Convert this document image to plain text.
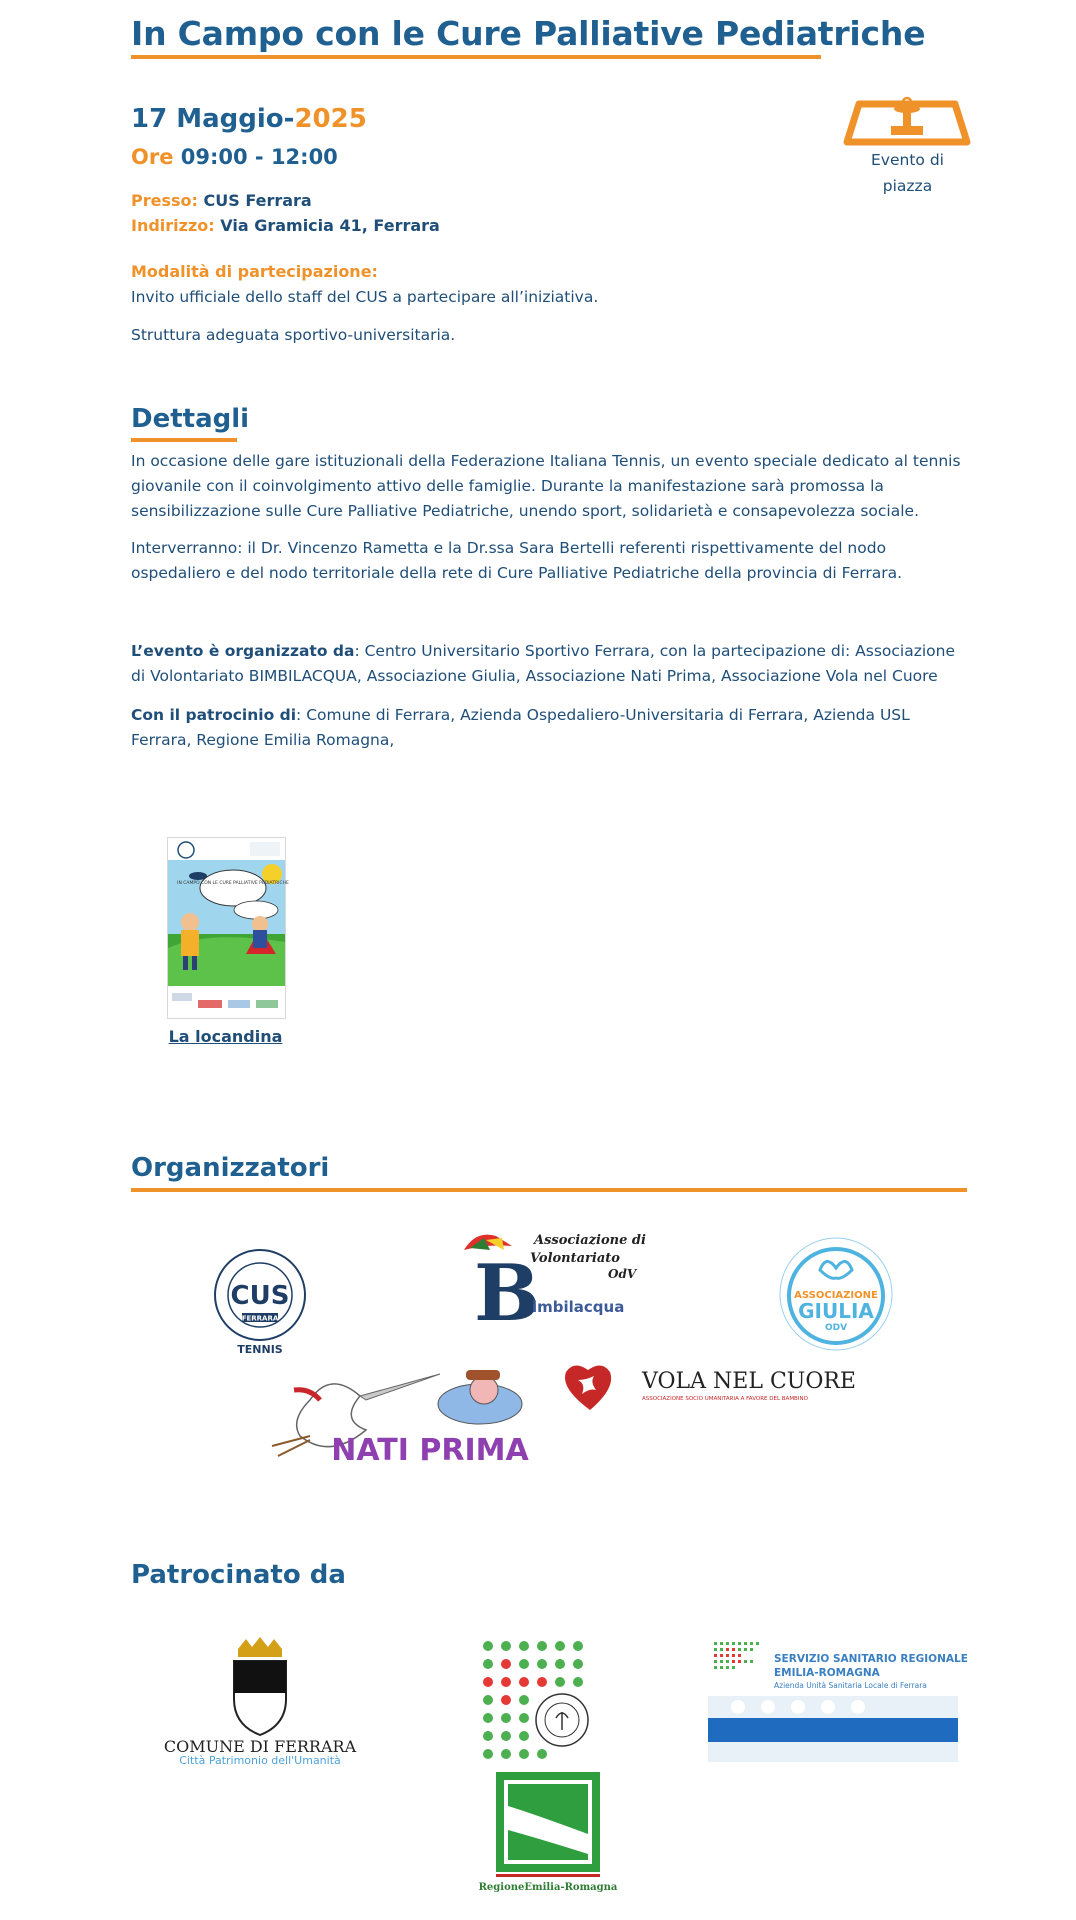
In Campo con le Cure Palliative Pediatriche
17 Maggio-2025
Ore 09:00 - 12:00
Presso: CUS Ferrara
Indirizzo: Via Gramicia 41, Ferrara
Modalità di partecipazione:
Invito ufficiale dello staff del CUS a partecipare all’iniziativa.
Struttura adeguata sportivo-universitaria.
Evento di
piazza
Dettagli
In occasione delle gare istituzionali della Federazione Italiana Tennis, un evento speciale dedicato al tennis giovanile con il coinvolgimento attivo delle famiglie. Durante la manifestazione sarà promossa la sensibilizzazione sulle Cure Palliative Pediatriche, unendo sport, solidarietà e consapevolezza sociale.
Interverranno: il Dr. Vincenzo Rametta e la Dr.ssa Sara Bertelli referenti rispettivamente del nodo ospedaliero e del nodo territoriale della rete di Cure Palliative Pediatriche della provincia di Ferrara.
L’evento è organizzato da: Centro Universitario Sportivo Ferrara, con la partecipazione di: Associazione di Volontariato BIMBILACQUA, Associazione Giulia, Associazione Nati Prima, Associazione Vola nel Cuore
Con il patrocinio di: Comune di Ferrara, Azienda Ospedaliero-Universitaria di Ferrara, Azienda USL Ferrara, Regione Emilia Romagna,
IN CAMPO CON LE CURE PALLIATIVE PEDIATRICHE
La locandina
Organizzatori
CUS
FERRARA
TENNIS
B
Associazione di
Volontariato
OdV
imbilacqua
ASSOCIAZIONE
GIULIA
ODV
NATI PRIMA
VOLA NEL CUORE
ASSOCIAZIONE SOCIO UMANITARIA A FAVORE DEL BAMBINO
Patrocinato da
COMUNE DI FERRARA
Città Patrimonio dell'Umanità
SERVIZIO SANITARIO REGIONALE
EMILIA-ROMAGNA
Azienda Unità Sanitaria Locale di Ferrara
RegioneEmilia-Romagna
